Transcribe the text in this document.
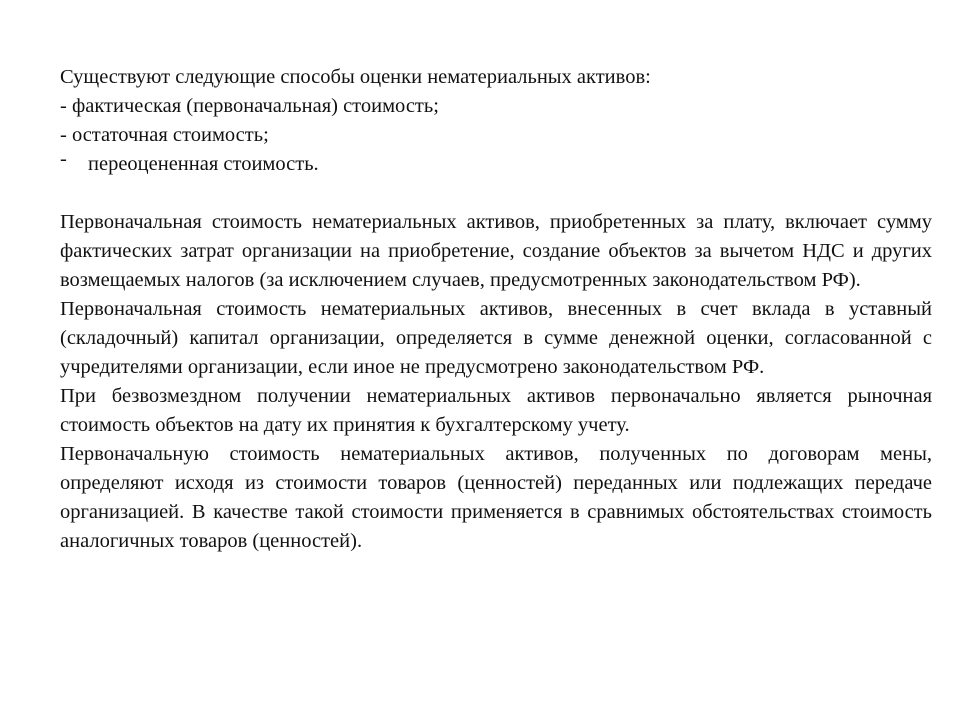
Существуют следующие способы оценки нематериальных активов:

- фактическая (первоначальная) стоимость;

- остаточная стоимость;

- переоцененная стоимость.

Первоначальная стоимость нематериальных активов, приобретенных за плату, включает сумму фактических затрат организации на приобретение, создание объектов за вычетом НДС и других возмещаемых налогов (за исключением случаев, предусмотренных законодательством РФ).

Первоначальная стоимость нематериальных активов, внесенных в счет вклада в уставный (складочный) капитал организации, определяется в сумме денежной оценки, согласованной с учредителями организации, если иное не предусмотрено законодательством РФ.

При безвозмездном получении нематериальных активов первоначально является рыночная стоимость объектов на дату их принятия к бухгалтерскому учету.

Первоначальную стоимость нематериальных активов, полученных по договорам мены, определяют исходя из стоимости товаров (ценностей) переданных или подлежащих передаче организацией. В качестве такой стоимости применяется в сравнимых обстоятельствах стоимость аналогичных товаров (ценностей).
